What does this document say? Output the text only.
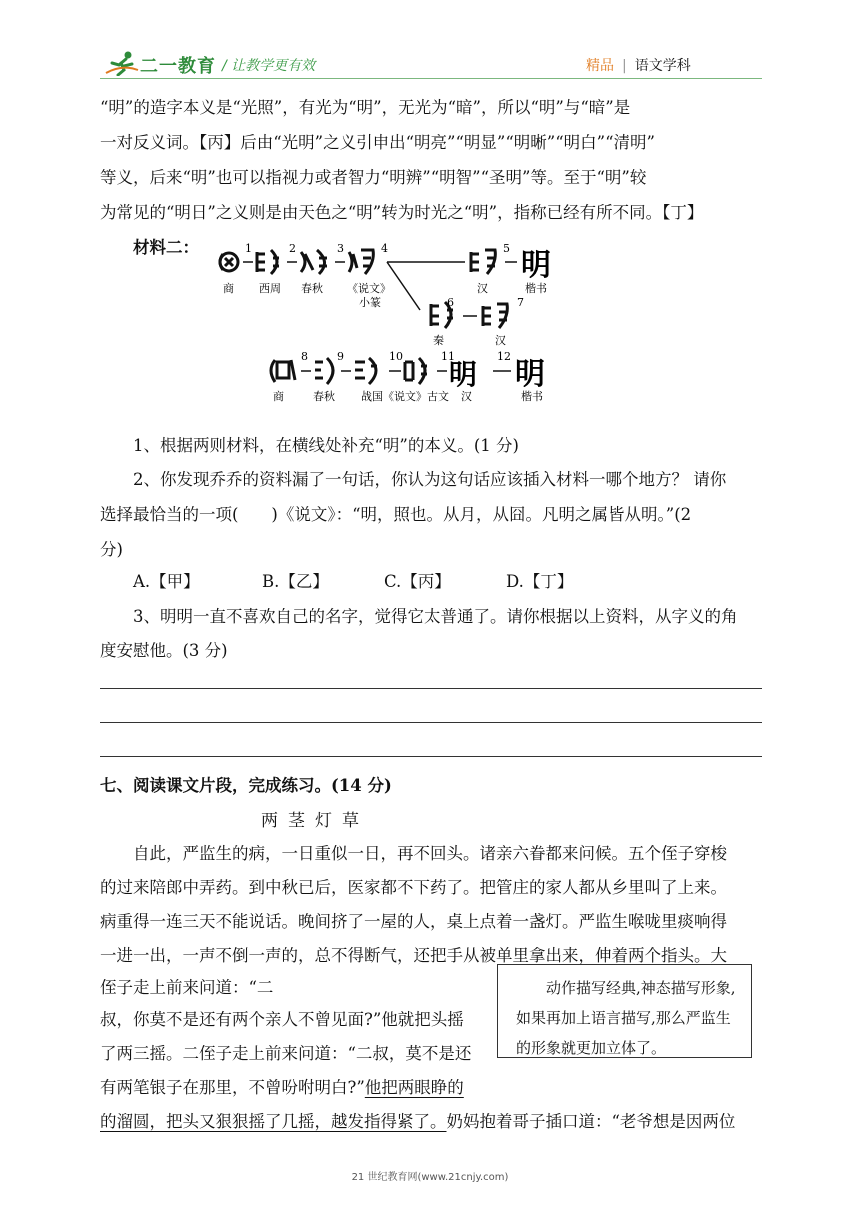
二一教育 / 让教学更有效	精品 | 语文学科
“明”的造字本义是“光照”，有光为“明”，无光为“暗”，所以“明”与“暗”是
一对反义词。【丙】后由“光明”之义引申出“明亮”“明显”“明晰”“明白”“清明”
等义，后来“明”也可以指视力或者智力“明辨”“明智”“圣明”等。至于“明”较
为常见的“明日”之义则是由天色之“明”转为时光之“明”，指称已经有所不同。【丁】
材料二：
明
1	2	3	4	5
7
商 西周 春秋 《说文》
小篆
汉	楷书
6
秦	汉
8	9	10	11
明
12
明
商	春秋 战国《说文》古文 汉	楷书
1、根据两则材料，在横线处补充“明”的本义。(1 分)
2、你发现乔乔的资料漏了一句话，你认为这句话应该插入材料一哪个地方？ 请你
选择最恰当的一项(　　)《说文》：“明，照也。从月，从囧。凡明之属皆从明。”(2
分)
A.【甲】	B.【乙】	C.【丙】	D.【丁】
3、明明一直不喜欢自己的名字，觉得它太普通了。请你根据以上资料，从字义的角
度安慰他。(3 分)
七、阅读课文片段，完成练习。(14 分)
两茎灯草
自此，严监生的病，一日重似一日，再不回头。诸亲六眷都来问候。五个侄子穿梭
的过来陪郎中弄药。到中秋已后，医家都不下药了。把管庄的家人都从乡里叫了上来。
病重得一连三天不能说话。晚间挤了一屋的人，桌上点着一盏灯。严监生喉咙里痰响得
一进一出，一声不倒一声的，总不得断气，还把手从被单里拿出来，伸着两个指头。大
侄子走上前来问道：“二
叔，你莫不是还有两个亲人不曾见面?”他就把头摇
了两三摇。二侄子走上前来问道：“二叔，莫不是还
有两笔银子在那里，不曾吩咐明白?”他把两眼睁的
的溜圆，把头又狠狠摇了几摇，越发指得紧了。奶妈抱着哥子插口道：“老爷想是因两位
动作描写经典,神态描写形象,如果再加上语言描写,那么严监生的形象就更加立体了。
21 世纪教育网(www.21cnjy.com)
